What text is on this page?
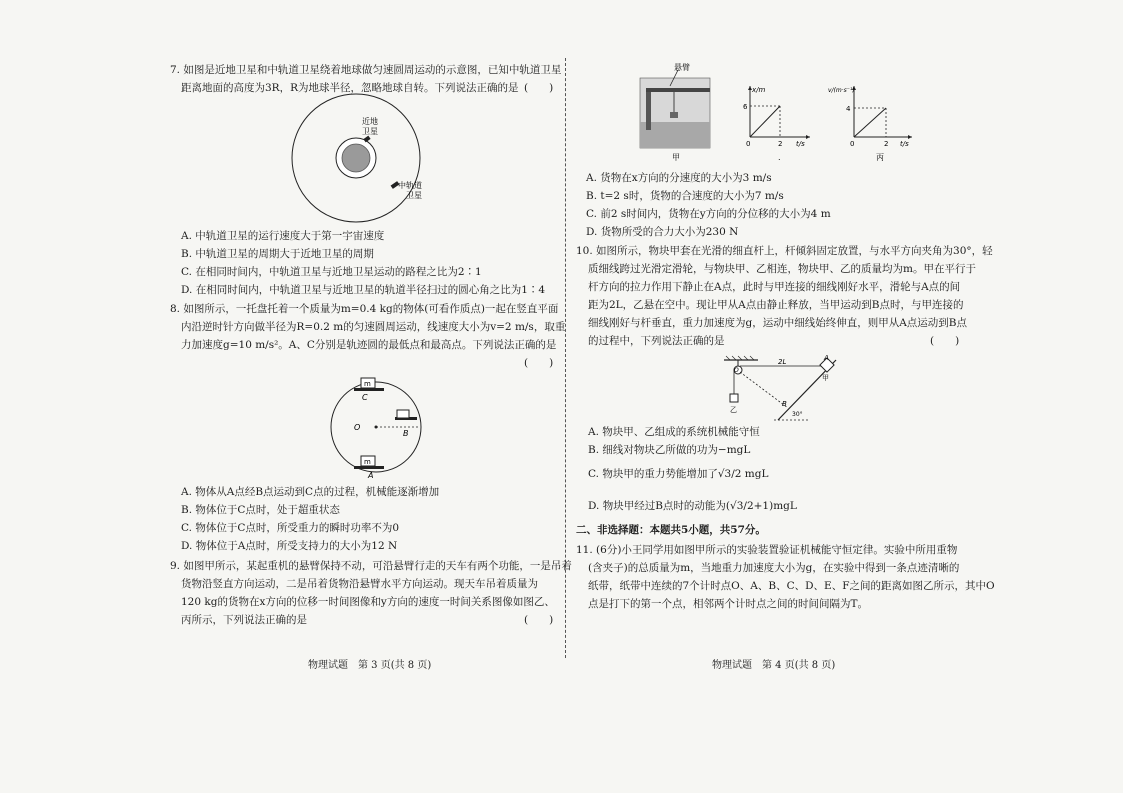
7. 如图是近地卫星和中轨道卫星绕着地球做匀速圆周运动的示意图，已知中轨道卫星
距离地面的高度为3R，R为地球半径，忽略地球自转。下列说法正确的是 (　　)
近地
卫星
中轨道
卫星
A. 中轨道卫星的运行速度大于第一宇宙速度
B. 中轨道卫星的周期大于近地卫星的周期
C. 在相同时间内，中轨道卫星与近地卫星运动的路程之比为2∶1
D. 在相同时间内，中轨道卫星与近地卫星的轨道半径扫过的圆心角之比为1∶4
8. 如图所示，一托盘托着一个质量为m=0.4 kg的物体(可看作质点)一起在竖直平面
内沿逆时针方向做半径为R=0.2 m的匀速圆周运动，线速度大小为v=2 m/s，取重
力加速度g=10 m/s²。A、C分别是轨迹圆的最低点和最高点。下列说法正确的是
(　　)
m
m
C
O
B
A
A. 物体从A点经B点运动到C点的过程，机械能逐渐增加
B. 物体位于C点时，处于超重状态
C. 物体位于C点时，所受重力的瞬时功率不为0
D. 物体位于A点时，所受支持力的大小为12 N
9. 如图甲所示，某起重机的悬臂保持不动，可沿悬臂行走的天车有两个功能，一是吊着
货物沿竖直方向运动，二是吊着货物沿悬臂水平方向运动。现天车吊着质量为
120 kg的货物在x方向的位移一时间图像和y方向的速度一时间关系图像如图乙、
丙所示，下列说法正确的是	(　　)
物理试题　第 3 页(共 8 页)
悬臂
甲
x/m
6
2 t/s
0
.
v/(m·s⁻¹)
4
2 t/s
0
丙
A. 货物在x方向的分速度的大小为3 m/s
B. t=2 s时，货物的合速度的大小为7 m/s
C. 前2 s时间内，货物在y方向的分位移的大小为4 m
D. 货物所受的合力大小为230 N
10. 如图所示，物块甲套在光滑的细直杆上，杆倾斜固定放置，与水平方向夹角为30°，轻
质细线跨过光滑定滑轮，与物块甲、乙相连，物块甲、乙的质量均为m。甲在平行于
杆方向的拉力作用下静止在A点，此时与甲连接的细线刚好水平，滑轮与A点的间
距为2L，乙悬在空中。现让甲从A点由静止释放，当甲运动到B点时，与甲连接的
细线刚好与杆垂直，重力加速度为g，运动中细线始终伸直，则甲从A点运动到B点
的过程中，下列说法正确的是	(　　)
2L	A
甲
乙
B
30°
O
A. 物块甲、乙组成的系统机械能守恒
B. 细线对物块乙所做的功为−mgL
C. 物块甲的重力势能增加了√3/2 mgL
D. 物块甲经过B点时的动能为(√3/2+1)mgL
二、非选择题：本题共5小题，共57分。
11. (6分)小王同学用如图甲所示的实验装置验证机械能守恒定律。实验中所用重物
(含夹子)的总质量为m，当地重力加速度大小为g，在实验中得到一条点迹清晰的
纸带，纸带中连续的7个计时点O、A、B、C、D、E、F之间的距离如图乙所示，其中O
点是打下的第一个点，相邻两个计时点之间的时间间隔为T。
物理试题　第 4 页(共 8 页)
